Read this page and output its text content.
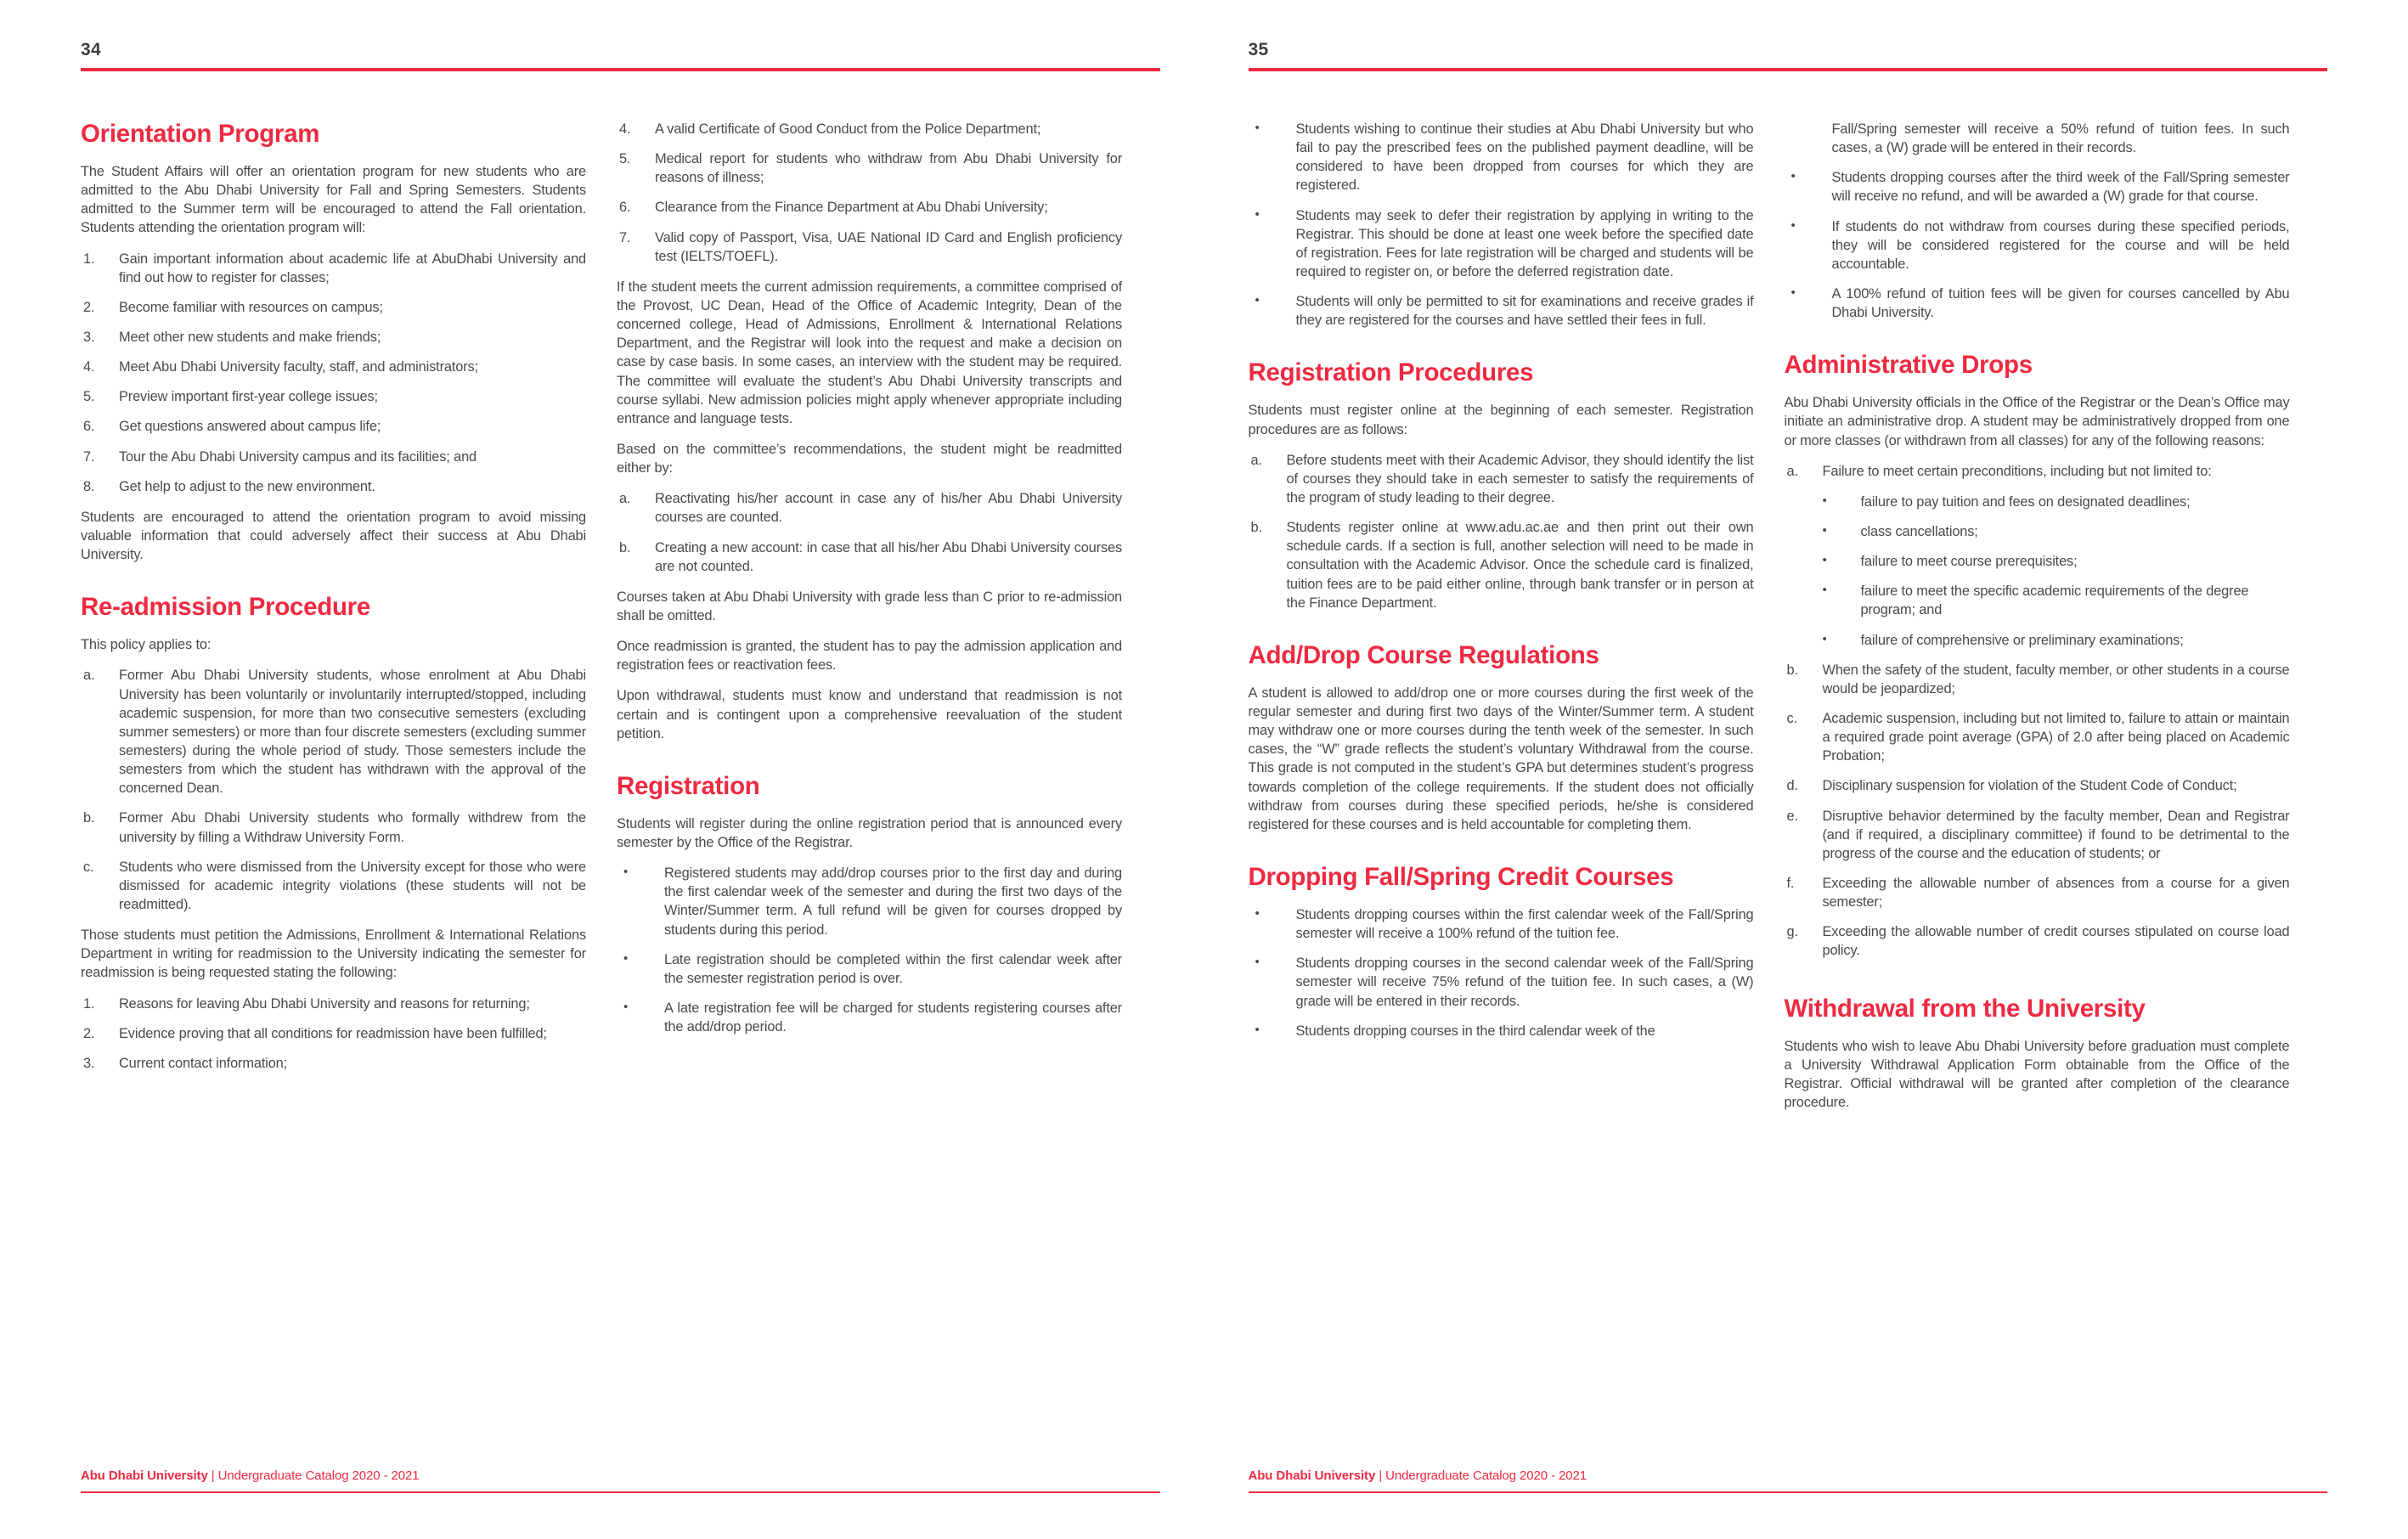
34
Orientation Program

The Student Affairs will offer an orientation program for new students who are admitted to the Abu Dhabi University for Fall and Spring Semesters. Students admitted to the Summer term will be encouraged to attend the Fall orientation. Students attending the orientation program will:

1.	Gain important information about academic life at AbuDhabi University and find out how to register for classes;
2.	Become familiar with resources on campus;
3.	Meet other new students and make friends;
4.	Meet Abu Dhabi University faculty, staff, and administrators;
5.	Preview important first-year college issues;
6.	Get questions answered about campus life;
7.	Tour the Abu Dhabi University campus and its facilities; and
8.	Get help to adjust to the new environment.

Students are encouraged to attend the orientation program to avoid missing valuable information that could adversely affect their success at Abu Dhabi University.

Re-admission Procedure

This policy applies to:

a.	Former Abu Dhabi University students, whose enrolment at Abu Dhabi University has been voluntarily or involuntarily interrupted/stopped, including academic suspension, for more than two consecutive semesters (excluding summer semesters) or more than four discrete semesters (excluding summer semesters) during the whole period of study. Those semesters include the semesters from which the student has withdrawn with the approval of the concerned Dean.
b.	Former Abu Dhabi University students who formally withdrew from the university by filling a Withdraw University Form.
c.	Students who were dismissed from the University except for those who were dismissed for academic integrity violations (these students will not be readmitted).

Those students must petition the Admissions, Enrollment & International Relations Department in writing for readmission to the University indicating the semester for readmission is being requested stating the following:

1.	Reasons for leaving Abu Dhabi University and reasons for returning;
2.	Evidence proving that all conditions for readmission have been fulfilled;
3.	Current contact information;
4.	A valid Certificate of Good Conduct from the Police Department;
5.	Medical report for students who withdraw from Abu Dhabi University for reasons of illness;
6.	Clearance from the Finance Department at Abu Dhabi University;
7.	Valid copy of Passport, Visa, UAE National ID Card and English proficiency test (IELTS/TOEFL).

If the student meets the current admission requirements, a committee comprised of the Provost, UC Dean, Head of the Office of Academic Integrity, Dean of the concerned college, Head of Admissions, Enrollment & International Relations Department, and the Registrar will look into the request and make a decision on case by case basis. In some cases, an interview with the student may be required. The committee will evaluate the student’s Abu Dhabi University transcripts and course syllabi. New admission policies might apply whenever appropriate including entrance and language tests.

Based on the committee’s recommendations, the student might be readmitted either by:

a.	Reactivating his/her account in case any of his/her Abu Dhabi University courses are counted.
b.	Creating a new account: in case that all his/her Abu Dhabi University courses are not counted.

Courses taken at Abu Dhabi University with grade less than C prior to re-admission shall be omitted.

Once readmission is granted, the student has to pay the admission application and registration fees or reactivation fees.

Upon withdrawal, students must know and understand that readmission is not certain and is contingent upon a comprehensive reevaluation of the student petition.

Registration

Students will register during the online registration period that is announced every semester by the Office of the Registrar.

•	Registered students may add/drop courses prior to the first day and during the first calendar week of the semester and during the first two days of the Winter/Summer term. A full refund will be given for courses dropped by students during this period.
•	Late registration should be completed within the first calendar week after the semester registration period is over.
•	A late registration fee will be charged for students registering courses after the add/drop period.
Abu Dhabi University | Undergraduate Catalog 2020 - 2021
35
•	Students wishing to continue their studies at Abu Dhabi University but who fail to pay the prescribed fees on the published payment deadline, will be considered to have been dropped from courses for which they are registered.
•	Students may seek to defer their registration by applying in writing to the Registrar. This should be done at least one week before the specified date of registration. Fees for late registration will be charged and students will be required to register on, or before the deferred registration date.
•	Students will only be permitted to sit for examinations and receive grades if they are registered for the courses and have settled their fees in full.
Registration Procedures

Students must register online at the beginning of each semester. Registration procedures are as follows:

a.	Before students meet with their Academic Advisor, they should identify the list of courses they should take in each semester to satisfy the requirements of the program of study leading to their degree.
b.	Students register online at www.adu.ac.ae and then print out their own schedule cards. If a section is full, another selection will need to be made in consultation with the Academic Advisor. Once the schedule card is finalized, tuition fees are to be paid either online, through bank transfer or in person at the Finance Department.
Add/Drop Course Regulations

A student is allowed to add/drop one or more courses during the first week of the regular semester and during first two days of the Winter/Summer term. A student may withdraw one or more courses during the tenth week of the semester. In such cases, the “W” grade reflects the student’s voluntary Withdrawal from the course. This grade is not computed in the student’s GPA but determines student’s progress towards completion of the college requirements. If the student does not officially withdraw from courses during these specified periods, he/she is considered registered for these courses and is held accountable for completing them.

Dropping Fall/Spring Credit Courses
•	Students dropping courses within the first calendar week of the Fall/Spring semester will receive a 100% refund of the tuition fee.
•	Students dropping courses in the second calendar week of the Fall/Spring semester will receive 75% refund of the tuition fee. In such cases, a (W) grade will be entered in their records.
•	Students dropping courses in the third calendar week of the
Fall/Spring semester will receive a 50% refund of tuition fees. In such cases, a (W) grade will be entered in their records.
•	Students dropping courses after the third week of the Fall/Spring semester will receive no refund, and will be awarded a (W) grade for that course.
•	If students do not withdraw from courses during these specified periods, they will be considered registered for the course and will be held accountable.
•	A 100% refund of tuition fees will be given for courses cancelled by Abu Dhabi University.
Administrative Drops

Abu Dhabi University officials in the Office of the Registrar or the Dean’s Office may initiate an administrative drop. A student may be administratively dropped from one or more classes (or withdrawn from all classes) for any of the following reasons:

a.	Failure to meet certain preconditions, including but not limited to:
• failure to pay tuition and fees on designated deadlines;
• class cancellations;
• failure to meet course prerequisites;
• failure to meet the specific academic requirements of the degree program; and
• failure of comprehensive or preliminary examinations;
b.	When the safety of the student, faculty member, or other students in a course would be jeopardized;
c.	Academic suspension, including but not limited to, failure to attain or maintain a required grade point average (GPA) of 2.0 after being placed on Academic Probation;
d.	Disciplinary suspension for violation of the Student Code of Conduct;
e.	Disruptive behavior determined by the faculty member, Dean and Registrar (and if required, a disciplinary committee) if found to be detrimental to the progress of the course and the education of students; or
f.	Exceeding the allowable number of absences from a course for a given semester;
g.	Exceeding the allowable number of credit courses stipulated on course load policy.
Withdrawal from the University

Students who wish to leave Abu Dhabi University before graduation must complete a University Withdrawal Application Form obtainable from the Office of the Registrar. Official withdrawal will be granted after completion of the clearance procedure.

Abu Dhabi University | Undergraduate Catalog 2020 - 2021
